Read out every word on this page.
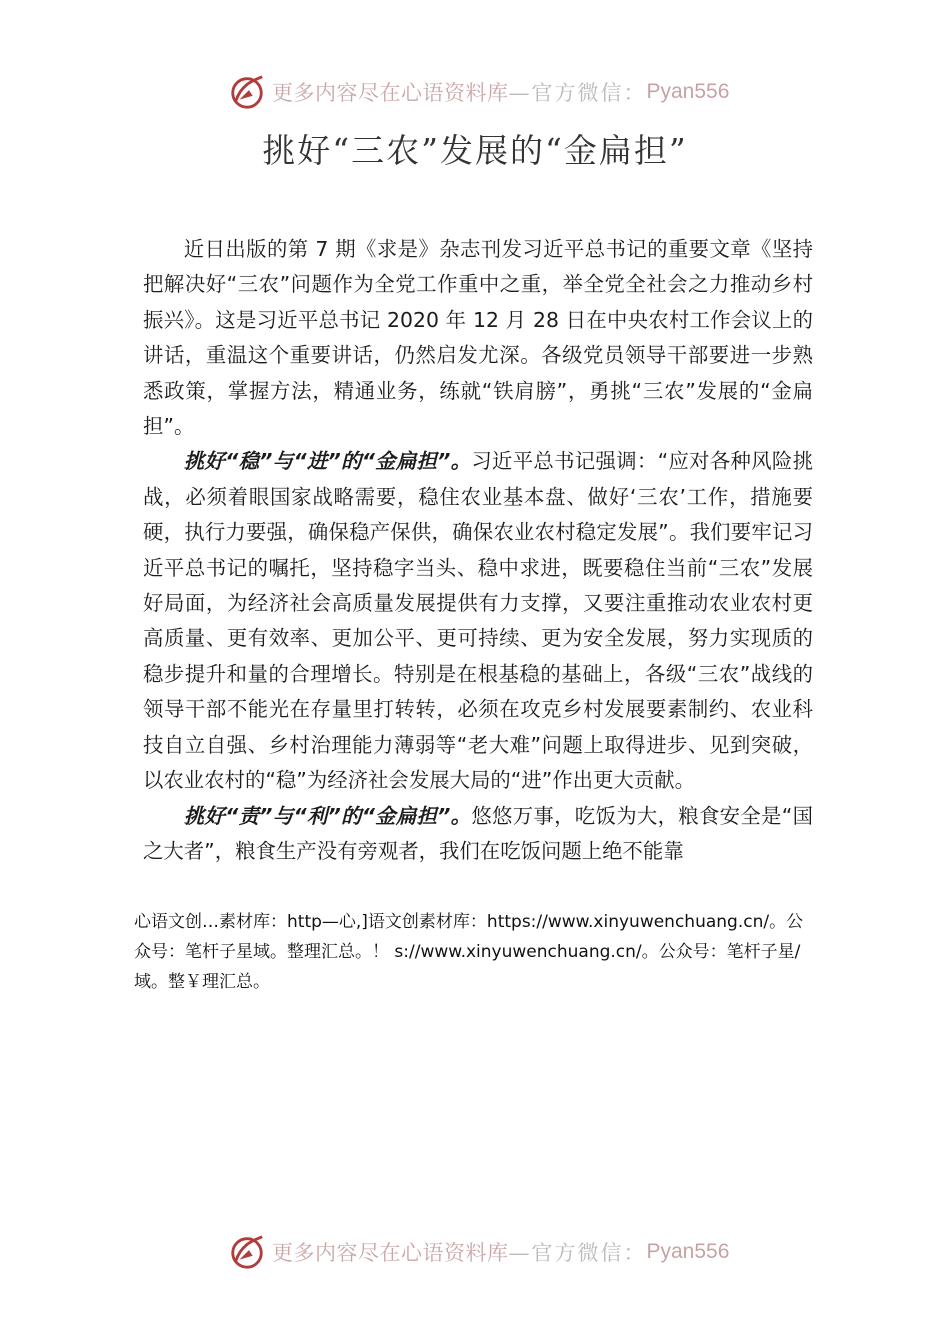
更多内容尽在心语资料库 —官方微信： Pyan556
挑好“三农”发展的“金扁担”

近日出版的第 7 期《求是》杂志刊发习近平总书记的重要文章《坚持把解决好“三农”问题作为全党工作重中之重，举全党全社会之力推动乡村振兴》。这是习近平总书记 2020 年 12 月 28 日在中央农村工作会议上的讲话，重温这个重要讲话，仍然启发尤深。各级党员领导干部要进一步熟悉政策，掌握方法，精通业务，练就“铁肩膀”，勇挑“三农”发展的“金扁担”。

挑好“稳”与“进”的“金扁担”。习近平总书记强调：“应对各种风险挑战，必须着眼国家战略需要，稳住农业基本盘、做好‘三农’工作，措施要硬，执行力要强，确保稳产保供，确保农业农村稳定发展”。我们要牢记习近平总书记的嘱托，坚持稳字当头、稳中求进，既要稳住当前“三农”发展好局面，为经济社会高质量发展提供有力支撑，又要注重推动农业农村更高质量、更有效率、更加公平、更可持续、更为安全发展，努力实现质的稳步提升和量的合理增长。特别是在根基稳的基础上，各级“三农”战线的领导干部不能光在存量里打转转，必须在攻克乡村发展要素制约、农业科技自立自强、乡村治理能力薄弱等“老大难”问题上取得进步、见到突破，以农业农村的“稳”为经济社会发展大局的“进”作出更大贡献。

挑好“责”与“利”的“金扁担”。悠悠万事，吃饭为大，粮食安全是“国之大者”，粮食生产没有旁观者，我们在吃饭问题上绝不能靠

心语文创…素材库：http—心,]语文创素材库：https://www.xinyuwenchuang.cn/。公众号：笔杆子星域。整理汇总。！ s://www.xinyuwenchuang.cn/。公众号：笔杆子星/域。整￥理汇总。

更多内容尽在心语资料库 —官方微信： Pyan556
